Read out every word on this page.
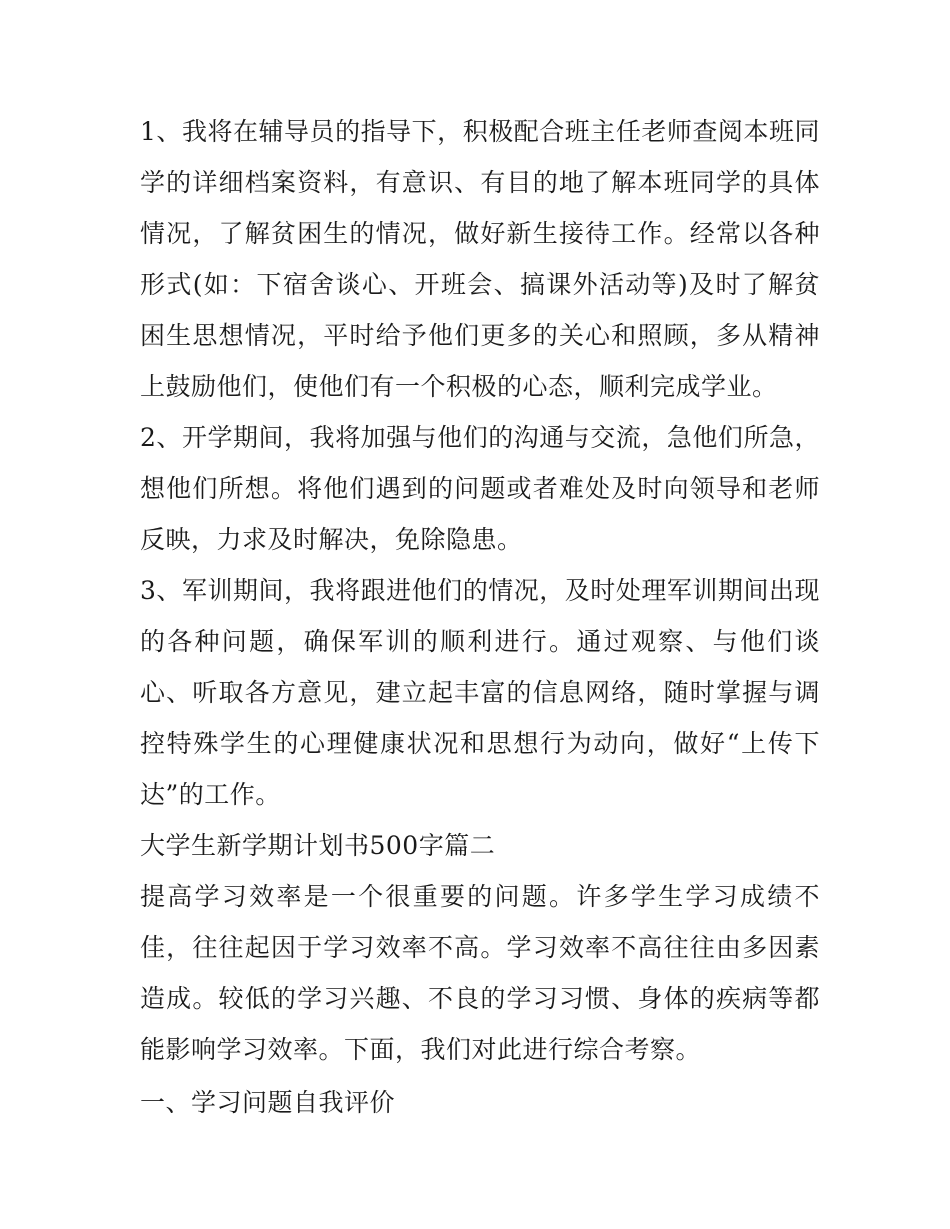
1、我将在辅导员的指导下，积极配合班主任老师查阅本班同学的详细档案资料，有意识、有目的地了解本班同学的具体情况，了解贫困生的情况，做好新生接待工作。经常以各种形式(如：下宿舍谈心、开班会、搞课外活动等)及时了解贫困生思想情况，平时给予他们更多的关心和照顾，多从精神上鼓励他们，使他们有一个积极的心态，顺利完成学业。

2、开学期间，我将加强与他们的沟通与交流，急他们所急，想他们所想。将他们遇到的问题或者难处及时向领导和老师反映，力求及时解决，免除隐患。

3、军训期间，我将跟进他们的情况，及时处理军训期间出现的各种问题，确保军训的顺利进行。通过观察、与他们谈心、听取各方意见，建立起丰富的信息网络，随时掌握与调控特殊学生的心理健康状况和思想行为动向，做好“上传下达”的工作。

大学生新学期计划书500字篇二

提高学习效率是一个很重要的问题。许多学生学习成绩不佳，往往起因于学习效率不高。学习效率不高往往由多因素造成。较低的学习兴趣、不良的学习习惯、身体的疾病等都能影响学习效率。下面，我们对此进行综合考察。

一、学习问题自我评价
